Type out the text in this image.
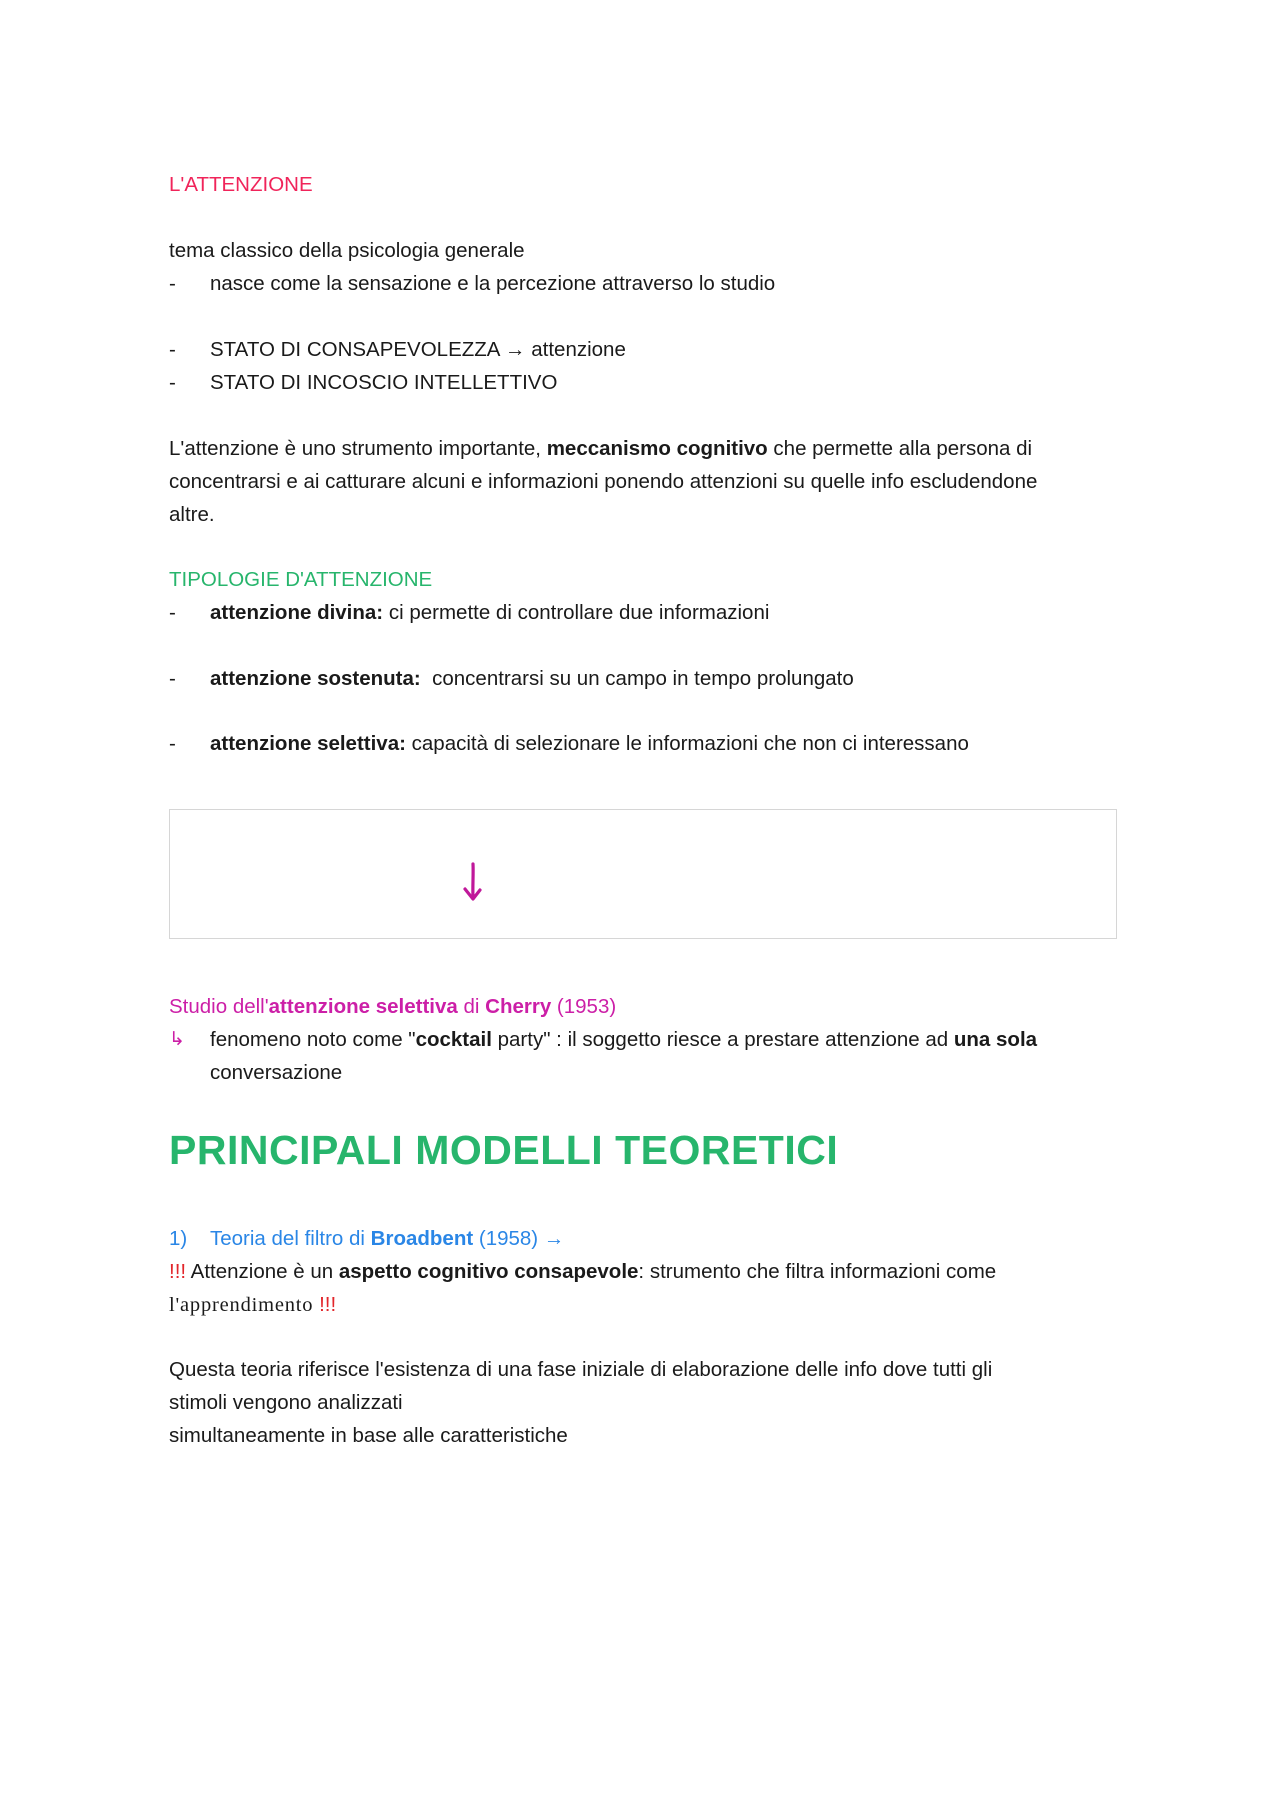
L'ATTENZIONE
tema classico della psicologia generale
- nasce come la sensazione e la percezione attraverso lo studio
- STATO DI CONSAPEVOLEZZA → attenzione
- STATO DI INCOSCIO INTELLETTIVO
L'attenzione è uno strumento importante, meccanismo cognitivo che permette alla persona di
concentrarsi e ai catturare alcuni e informazioni ponendo attenzioni su quelle info escludendone
altre.
TIPOLOGIE D'ATTENZIONE
- attenzione divina: ci permette di controllare due informazioni
- attenzione sostenuta:  concentrarsi su un campo in tempo prolungato
- attenzione selettiva: capacità di selezionare le informazioni che non ci interessano
Studio dell'attenzione selettiva di Cherry (1953)
↳ fenomeno noto come "cocktail party" : il soggetto riesce a prestare attenzione ad una sola
conversazione
PRINCIPALI MODELLI TEORETICI
1) Teoria del filtro di Broadbent (1958) →
!!! Attenzione è un aspetto cognitivo consapevole: strumento che filtra informazioni come
l'apprendimento !!!
Questa teoria riferisce l'esistenza di una fase iniziale di elaborazione delle info dove tutti gli
stimoli vengono analizzati
simultaneamente in base alle caratteristiche
